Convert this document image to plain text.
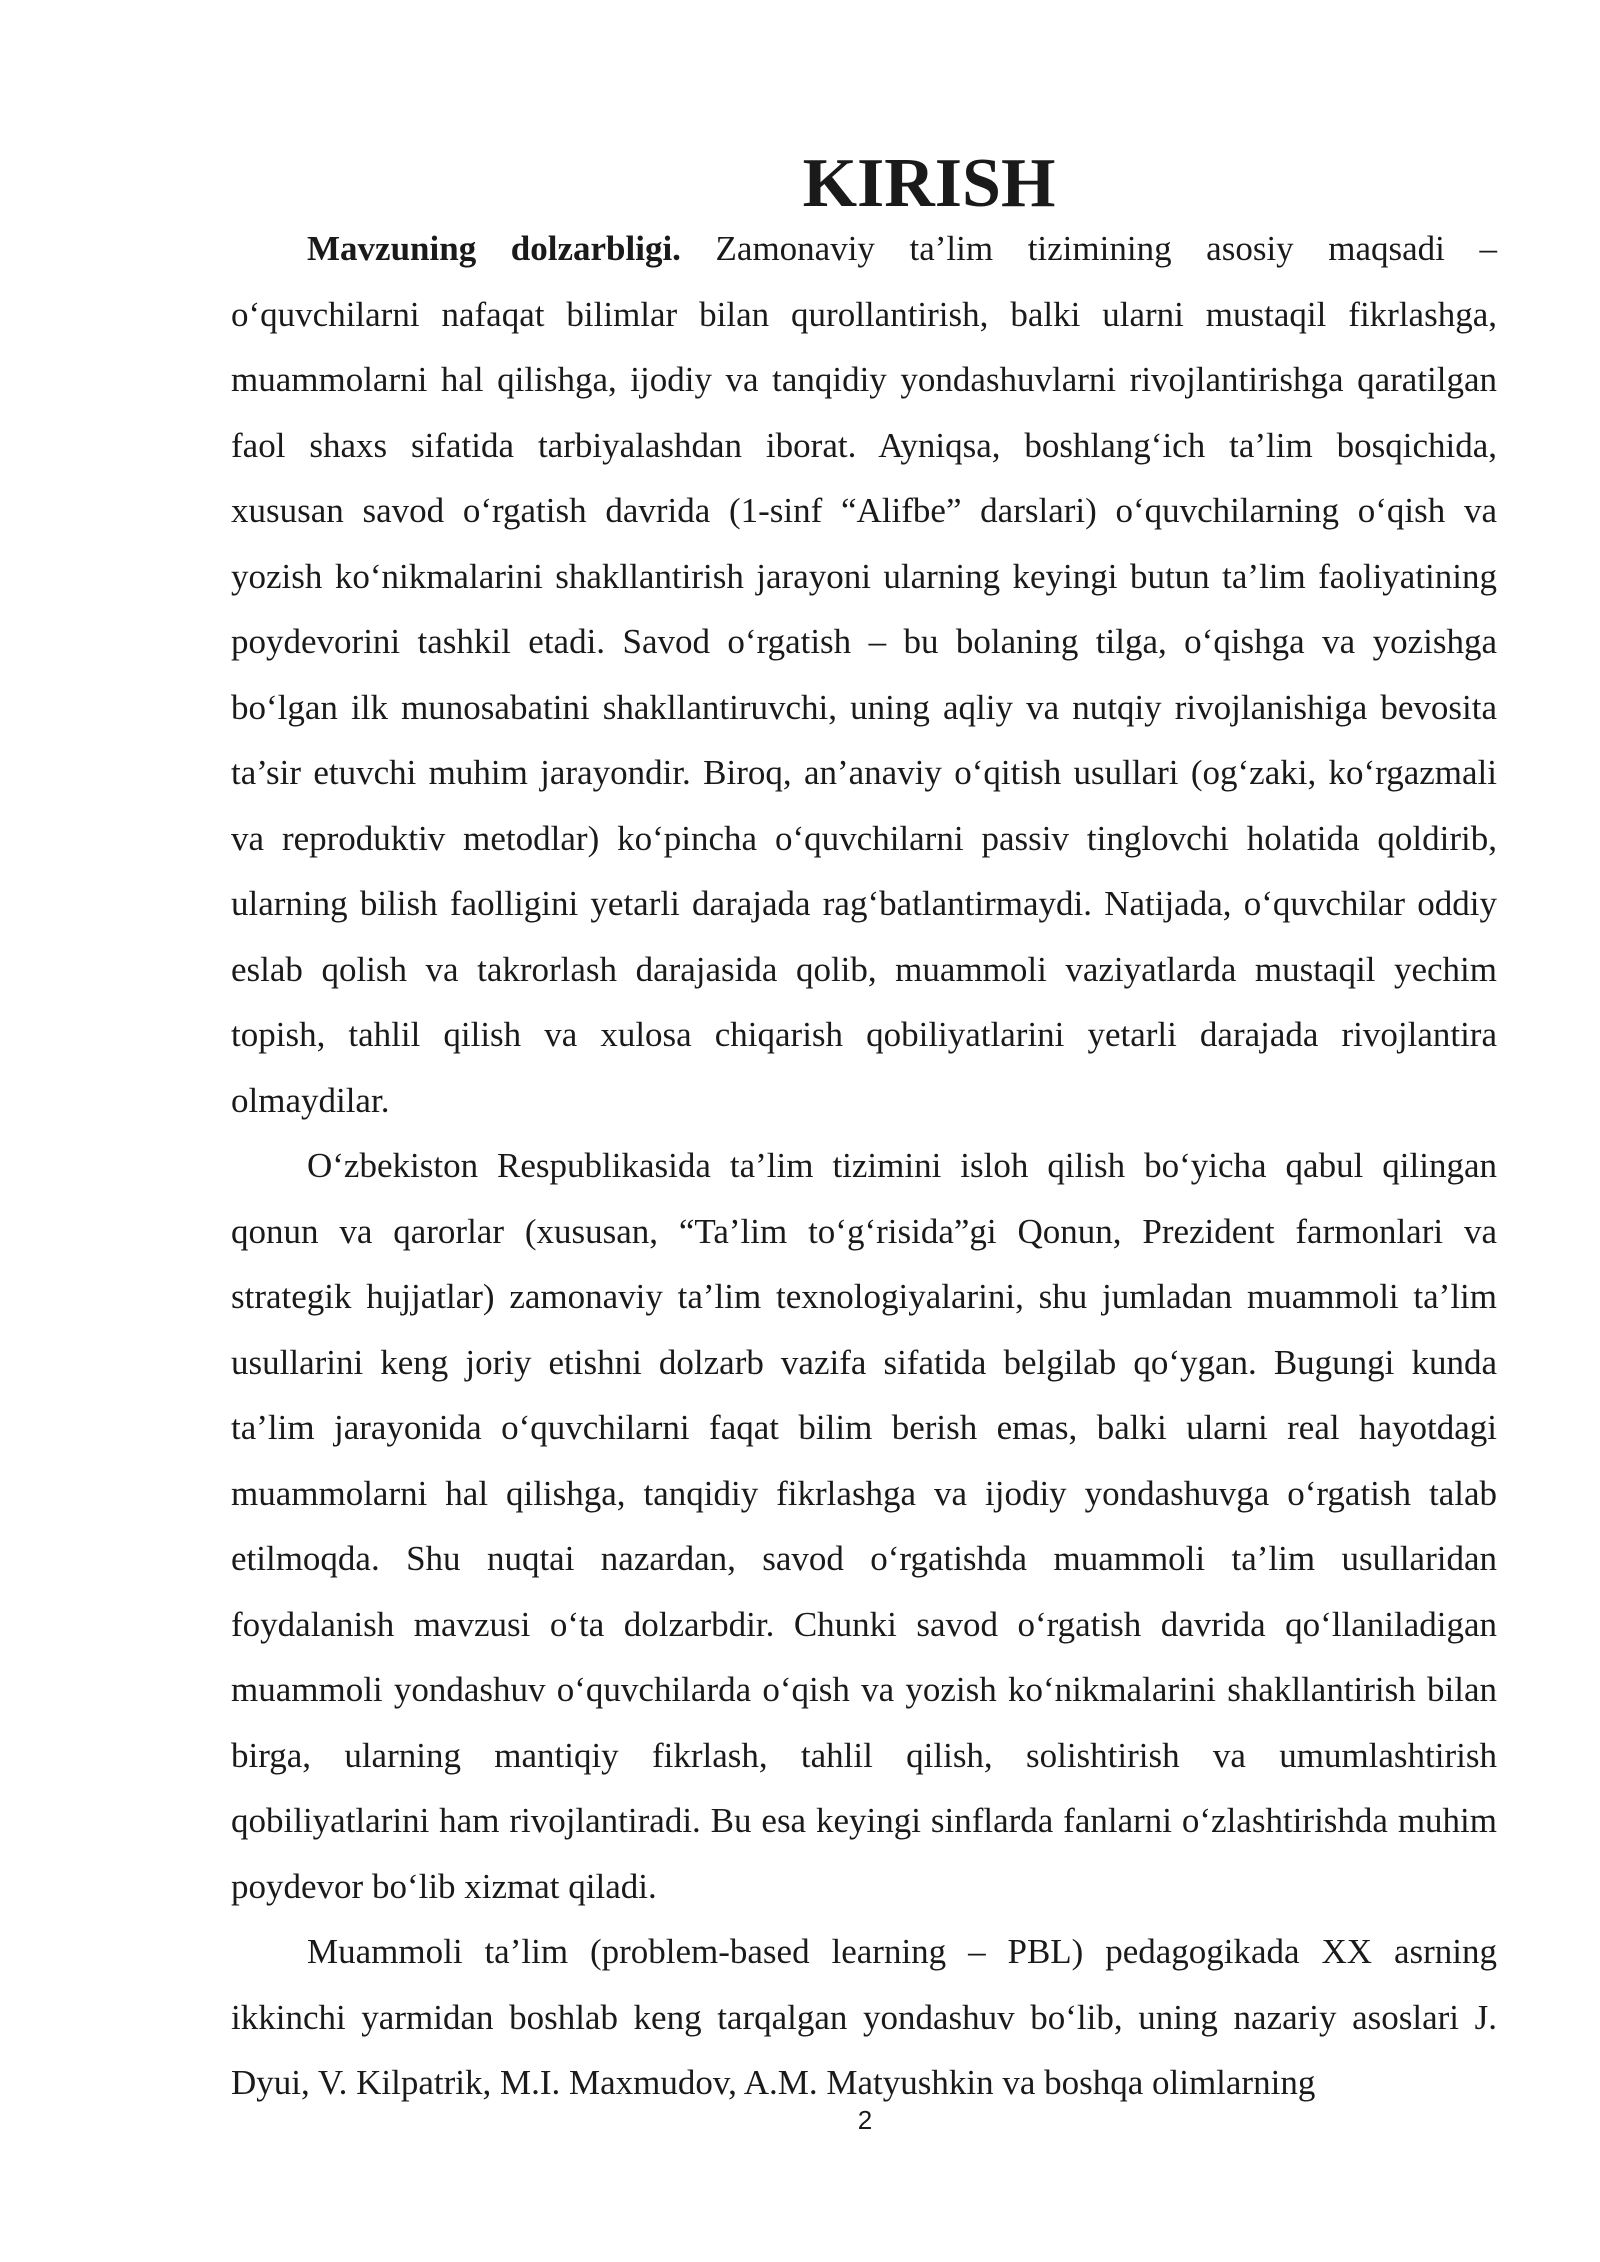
KIRISH

Mavzuning dolzarbligi. Zamonaviy ta’lim tizimining asosiy maqsadi – o‘quvchilarni nafaqat bilimlar bilan qurollantirish, balki ularni mustaqil fikrlashga, muammolarni hal qilishga, ijodiy va tanqidiy yondashuvlarni rivojlantirishga qaratilgan faol shaxs sifatida tarbiyalashdan iborat. Ayniqsa, boshlang‘ich ta’lim bosqichida, xususan savod o‘rgatish davrida (1-sinf “Alifbe” darslari) o‘quvchilarning o‘qish va yozish ko‘nikmalarini shakllantirish jarayoni ularning keyingi butun ta’lim faoliyatining poydevorini tashkil etadi. Savod o‘rgatish – bu bolaning tilga, o‘qishga va yozishga bo‘lgan ilk munosabatini shakllantiruvchi, uning aqliy va nutqiy rivojlanishiga bevosita ta’sir etuvchi muhim jarayondir. Biroq, an’anaviy o‘qitish usullari (og‘zaki, ko‘rgazmali va reproduktiv metodlar) ko‘pincha o‘quvchilarni passiv tinglovchi holatida qoldirib, ularning bilish faolligini yetarli darajada rag‘batlantirmaydi. Natijada, o‘quvchilar oddiy eslab qolish va takrorlash darajasida qolib, muammoli vaziyatlarda mustaqil yechim topish, tahlil qilish va xulosa chiqarish qobiliyatlarini yetarli darajada rivojlantira olmaydilar.

O‘zbekiston Respublikasida ta’lim tizimini isloh qilish bo‘yicha qabul qilingan qonun va qarorlar (xususan, “Ta’lim to‘g‘risida”gi Qonun, Prezident farmonlari va strategik hujjatlar) zamonaviy ta’lim texnologiyalarini, shu jumladan muammoli ta’lim usullarini keng joriy etishni dolzarb vazifa sifatida belgilab qo‘ygan. Bugungi kunda ta’lim jarayonida o‘quvchilarni faqat bilim berish emas, balki ularni real hayotdagi muammolarni hal qilishga, tanqidiy fikrlashga va ijodiy yondashuvga o‘rgatish talab etilmoqda. Shu nuqtai nazardan, savod o‘rgatishda muammoli ta’lim usullaridan foydalanish mavzusi o‘ta dolzarbdir. Chunki savod o‘rgatish davrida qo‘llaniladigan muammoli yondashuv o‘quvchilarda o‘qish va yozish ko‘nikmalarini shakllantirish bilan birga, ularning mantiqiy fikrlash, tahlil qilish, solishtirish va umumlashtirish qobiliyatlarini ham rivojlantiradi. Bu esa keyingi sinflarda fanlarni o‘zlashtirishda muhim poydevor bo‘lib xizmat qiladi.

Muammoli ta’lim (problem-based learning – PBL) pedagogikada XX asrning ikkinchi yarmidan boshlab keng tarqalgan yondashuv bo‘lib, uning nazariy asoslari J. Dyui, V. Kilpatrik, M.I. Maxmudov, A.M. Matyushkin va boshqa olimlarning

2
